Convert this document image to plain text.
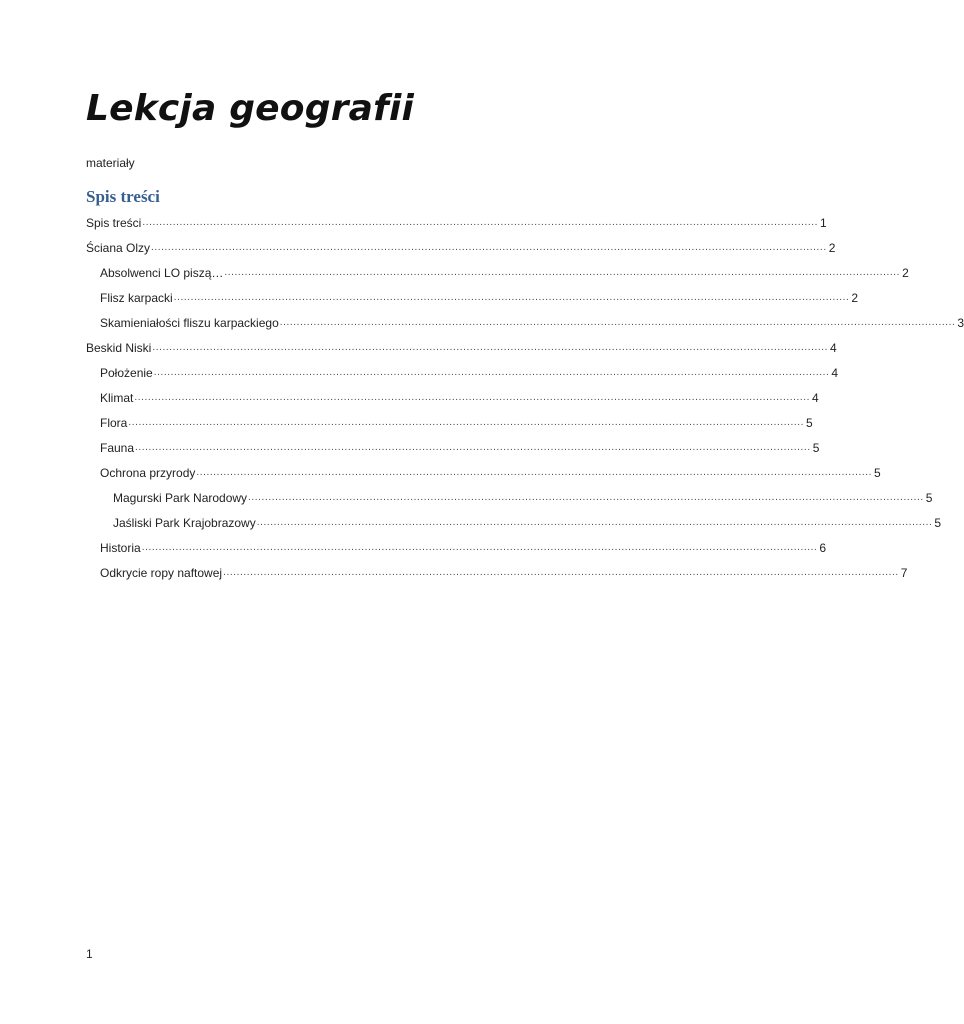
Lekcja geografii

materiały

Spis treści
Spis treści ........................................................................................................................................................................................................ 1
Ściana Olzy ........................................................................................................................................................................................................ 2
Absolwenci LO piszą… ........................................................................................................................................................................................................ 2
Flisz karpacki ........................................................................................................................................................................................................ 2
Skamieniałości fliszu karpackiego ........................................................................................................................................................................................................ 3
Beskid Niski ........................................................................................................................................................................................................ 4
Położenie ........................................................................................................................................................................................................ 4
Klimat ........................................................................................................................................................................................................ 4
Flora ........................................................................................................................................................................................................ 5
Fauna ........................................................................................................................................................................................................ 5
Ochrona przyrody ........................................................................................................................................................................................................ 5
Magurski Park Narodowy ........................................................................................................................................................................................................ 5
Jaśliski Park Krajobrazowy ........................................................................................................................................................................................................ 5
Historia ........................................................................................................................................................................................................ 6
Odkrycie ropy naftowej ........................................................................................................................................................................................................ 7

1
